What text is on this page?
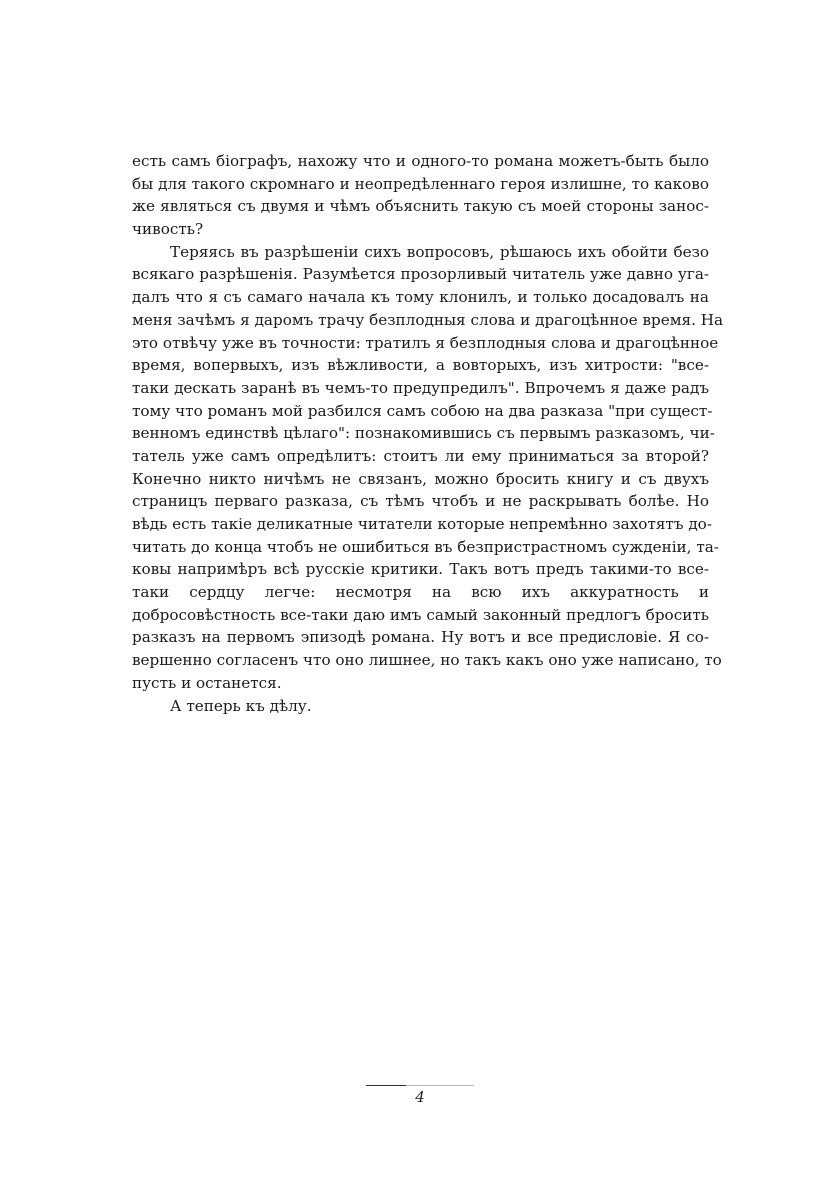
есть самъ бiографъ, нахожу что и одного-то романа можетъ-быть было
бы для такого скромнаго и неопредѣленнаго героя излишне, то каково
же являться съ двумя и чѣмъ объяснить такую съ моей стороны занос-
чивость?
Теряясь въ разрѣшенiи сихъ вопросовъ, рѣшаюсь ихъ обойти безо
всякаго разрѣшенiя. Разумѣется прозорливый читатель уже давно уга-
далъ что я съ самаго начала къ тому клонилъ, и только досадовалъ на
меня зачѣмъ я даромъ трачу безплодныя слова и драгоцѣнное время. На
это отвѣчу уже въ точности: тратилъ я безплодныя слова и драгоцѣнное
время, вопервыхъ, изъ вѣжливости, а вовторыхъ, изъ хитрости: "все-
таки дескать заранѣ въ чемъ-то предупредилъ". Впрочемъ я даже радъ
тому что романъ мой разбился самъ собою на два разказа "при сущест-
венномъ единствѣ цѣлаго": познакомившись съ первымъ разказомъ, чи-
татель уже самъ опредѣлитъ: стоитъ ли ему приниматься за второй?
Конечно никто ничѣмъ не связанъ, можно бросить книгу и съ двухъ
страницъ перваго разказа, съ тѣмъ чтобъ и не раскрывать болѣе. Но
вѣдь есть такiе деликатные читатели которые непремѣнно захотятъ до-
читать до конца чтобъ не ошибиться въ безпристрастномъ сужденiи, та-
ковы напримѣръ всѣ русскiе критики. Такъ вотъ предъ такими-то все-
таки сердцу легче: несмотря на всю ихъ аккуратность и
добросовѣстность все-таки даю имъ самый законный предлогъ бросить
разказъ на первомъ эпизодѣ романа. Ну вотъ и все предисловiе. Я со-
вершенно согласенъ что оно лишнее, но такъ какъ оно уже написано, то
пусть и останется.
А теперь къ дѣлу.
4
